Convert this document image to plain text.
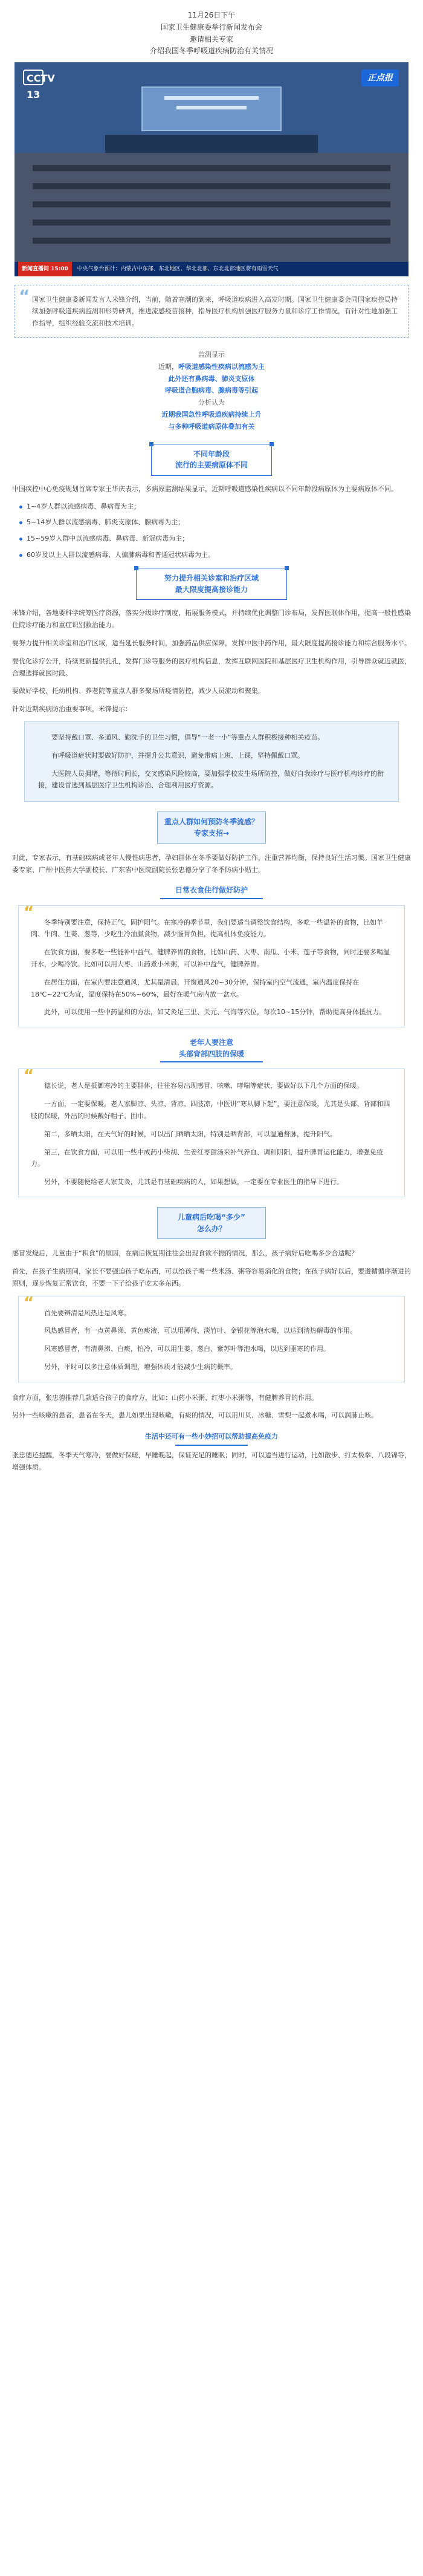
11月26日下午
国家卫生健康委举行新闻发布会
邀请相关专家
介绍我国冬季呼吸道疾病防治有关情况
CCTV 13
正点报
新闻直播间 15:00 中央气象台预计：内蒙古中东部、东北地区、华北北部、东北北部地区将有雨雪天气
“ 国家卫生健康委新闻发言人米锋介绍，当前，随着寒潮的到来，呼吸道疾病进入高发时期。国家卫生健康委会同国家疾控局持续加强呼吸道疾病监测和形势研判，推进流感疫苗接种，指导医疗机构加强医疗服务力量和诊疗工作情况，有针对性地加强工作指导，组织经验交流和技术培训。
监测显示
近期，呼吸道感染性疾病以流感为主
此外还有鼻病毒、肺炎支原体
呼吸道合胞病毒、腺病毒等引起
分析认为
近期我国急性呼吸道疾病持续上升
与多种呼吸道病原体叠加有关
不同年龄段
流行的主要病原体不同
中国疾控中心免疫规划首席专家王华庆表示，多病原监测结果显示，近期呼吸道感染性疾病以不同年龄段病原体为主要病原体不同。
1~4岁人群以流感病毒、鼻病毒为主；
5~14岁人群以流感病毒、肺炎支原体、腺病毒为主；
15~59岁人群中以流感病毒、鼻病毒、新冠病毒为主；
60岁及以上人群以流感病毒、人偏肺病毒和普通冠状病毒为主。
努力提升相关诊室和治疗区域
最大限度提高接诊能力
米锋介绍，各地要科学统筹医疗资源，落实分级诊疗制度，拓展服务模式，并持续优化调整门诊布局，发挥医联体作用，提高一般性感染住院诊疗能力和重症识别救治能力。
要努力提升相关诊室和治疗区域，适当延长服务时间，加强药品供应保障，发挥中医中药作用，最大限度提高接诊能力和综合服务水平。
要优化诊疗公开，持续更新提供孔孔，发挥门诊等服务的医疗机构信息，发挥互联网医院和基层医疗卫生机构作用，引导群众就近就医，合理选择就医时段。
要做好学校、托幼机构、养老院等重点人群多聚场所疫情防控，减少人员流动和聚集。
针对近期疾病防治重要事项，米锋提示：

要坚持戴口罩、多通风、勤洗手的卫生习惯，倡导“一老一小”等重点人群积极接种相关疫苗。

有呼吸道症状时要做好防护，并提升公共意识，避免带病上班、上课，坚持佩戴口罩。

大医院人员拥堵，等待时间长，交叉感染风险较高，要加强学校发生场所防控，做好自我诊疗与医疗机构诊疗的衔接，建设首选到基层医疗卫生机构诊治、合理利用医疗资源。

重点人群如何预防冬季流感？
专家支招→
对此，专家表示，有基础疾病或老年人慢性病患者，孕妇群体在冬季要做好防护工作，注重营养均衡，保持良好生活习惯。国家卫生健康委专家、广州中医药大学副校长、广东省中医院副院长张忠德分享了冬季防病小贴士。
日常衣食住行做好防护
“

冬季特别要注意，保持正气，固护阳气。在寒冷的季节里，我们要适当调整饮食结构，多吃一些温补的食物，比如羊肉、牛肉、生姜、葱等，少吃生冷油腻食物，减少肠胃负担，提高机体免疫能力。

在饮食方面，要多吃一些能补中益气、健脾养胃的食物，比如山药、大枣、南瓜、小米、莲子等食物，同时还要多喝温开水，少喝冷饮。比如可以用大枣、山药煮小米粥，可以补中益气，健脾养胃。

在居住方面，在室内要注意通风，尤其是清晨，开窗通风20~30分钟，保持室内空气流通，室内温度保持在18℃~22℃为宜，湿度保持在50%~60%，最好在暖气房内放一盆水。

此外，可以使用一些中药温和的方法，如艾灸足三里、关元、气海等穴位，每次10~15分钟，帮助提高身体抵抗力。

老年人要注意
头部背部四肢的保暖
“

德长说，老人是抵御寒冷的主要群体，往往容易出现感冒、咳嗽、哮喘等症状，要做好以下几个方面的保暖。

一方面，一定要保暖，老人家脚凉、头凉、背凉、四肢凉，中医讲“寒从脚下起”，要注意保暖，尤其是头部、背部和四肢的保暖，外出的时候戴好帽子、围巾。

第二，多晒太阳，在天气好的时候，可以出门晒晒太阳，特别是晒背部，可以温通督脉，提升阳气。

第三，在饮食方面，可以用一些中成药小柴胡、生姜红枣甜汤来补气养血、调和阴阳，提升脾胃运化能力，增强免疫力。

另外，不要随便给老人家艾灸，尤其是有基础疾病的人，如果想做，一定要在专业医生的指导下进行。

儿童病后吃喝“多少”
怎么办？
感冒发烧后，儿童由于“积食”的原因，在病后恢复期往往会出现食欲不振的情况，那么，孩子病好后吃喝多少合适呢？
首先，在孩子生病期间，家长不要强迫孩子吃东西，可以给孩子喝一些米汤、粥等容易消化的食物；在孩子病好以后，要遵循循序渐进的原则，逐步恢复正常饮食，不要一下子给孩子吃太多东西。
“

首先要辨清是风热还是风寒。

风热感冒者，有一点黄鼻涕、黄色痰液，可以用薄荷、淡竹叶、金银花等泡水喝，以达到清热解毒的作用。

风寒感冒者，有清鼻涕、白痰，怕冷，可以用生姜、葱白、紫苏叶等泡水喝，以达到驱寒的作用。

另外，平时可以多注意体质调理，增强体质才能减少生病的概率。

食疗方面，张忠德推荐几款适合孩子的食疗方，比如：山药小米粥、红枣小米粥等，有健脾养胃的作用。
另外一些咳嗽的患者，患者在冬天，患儿如果出现咳嗽，有痰的情况，可以用川贝、冰糖、雪梨一起煮水喝，可以润肺止咳。
生活中还可有一些小妙招可以帮助提高免疫力
张忠德还提醒，冬季天气寒冷，要做好保暖，早睡晚起，保证充足的睡眠；同时，可以适当进行运动，比如散步、打太极拳、八段锦等，增强体质。
